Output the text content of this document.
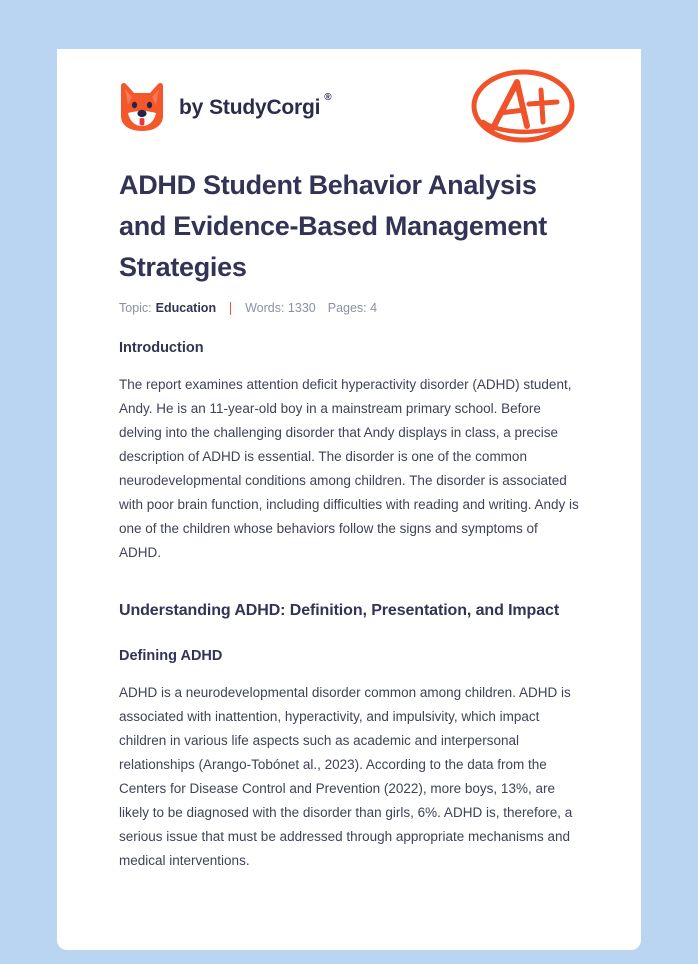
by
StudyCorgi ®
ADHD Student Behavior Analysis and Evidence-Based Management Strategies
Topic: Education Words: 1330 Pages: 4
Introduction

The report examines attention deficit hyperactivity disorder (ADHD) student, Andy. He is an 11-year-old boy in a mainstream primary school. Before delving into the challenging disorder that Andy displays in class, a precise description of ADHD is essential. The disorder is one of the common neurodevelopmental conditions among children. The disorder is associated with poor brain function, including difficulties with reading and writing. Andy is one of the children whose behaviors follow the signs and symptoms of ADHD.

Understanding ADHD: Definition, Presentation, and Impact
Defining ADHD

ADHD is a neurodevelopmental disorder common among children. ADHD is associated with inattention, hyperactivity, and impulsivity, which impact children in various life aspects such as academic and interpersonal relationships (Arango-Tobónet al., 2023). According to the data from the Centers for Disease Control and Prevention (2022), more boys, 13%, are likely to be diagnosed with the disorder than girls, 6%. ADHD is, therefore, a serious issue that must be addressed through appropriate mechanisms and medical interventions.
